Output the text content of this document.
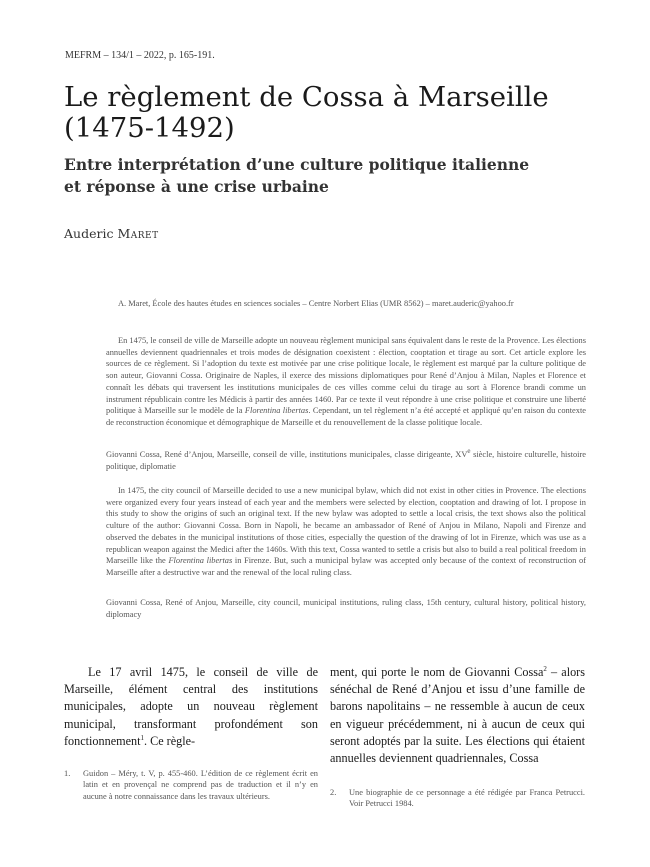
MEFRM – 134/1 – 2022, p. 165-191.
Le règlement de Cossa à Marseille
(1475-1492)
Entre interprétation d’une culture politique italienne
et réponse à une crise urbaine
Auderic Maret

A. Maret, École des hautes études en sciences sociales – Centre Norbert Elias (UMR 8562) – maret.auderic@yahoo.fr

En 1475, le conseil de ville de Marseille adopte un nouveau règlement municipal sans équivalent dans le reste de la Provence. Les élections annuelles deviennent quadriennales et trois modes de désignation coexistent : élection, cooptation et tirage au sort. Cet article explore les sources de ce règlement. Si l’adoption du texte est motivée par une crise politique locale, le règlement est marqué par la culture politique de son auteur, Giovanni Cossa. Originaire de Naples, il exerce des missions diplomatiques pour René d’Anjou à Milan, Naples et Florence et connaît les débats qui traversent les institutions municipales de ces villes comme celui du tirage au sort à Florence brandi comme un instrument républicain contre les Médicis à partir des années 1460. Par ce texte il veut répondre à une crise politique et construire une liberté politique à Marseille sur le modèle de la Florentina libertas. Cependant, un tel règlement n’a été accepté et appliqué qu’en raison du contexte de reconstruction économique et démographique de Marseille et du renouvellement de la classe politique locale.

Giovanni Cossa, René d’Anjou, Marseille, conseil de ville, institutions municipales, classe dirigeante, XVe siècle, histoire culturelle, histoire politique, diplomatie

In 1475, the city council of Marseille decided to use a new municipal bylaw, which did not exist in other cities in Provence. The elections were organized every four years instead of each year and the members were selected by election, cooptation and drawing of lot. I propose in this study to show the origins of such an original text. If the new bylaw was adopted to settle a local crisis, the text shows also the political culture of the author: Giovanni Cossa. Born in Napoli, he became an ambassador of René of Anjou in Milano, Napoli and Firenze and observed the debates in the municipal institutions of those cities, especially the question of the drawing of lot in Firenze, which was use as a republican weapon against the Medici after the 1460s. With this text, Cossa wanted to settle a crisis but also to build a real political freedom in Marseille like the Florentina libertas in Firenze. But, such a municipal bylaw was accepted only because of the context of reconstruction of Marseille after a destructive war and the renewal of the local ruling class.

Giovanni Cossa, René of Anjou, Marseille, city council, municipal institutions, ruling class, 15th century, cultural history, political history, diplomacy

Le 17 avril 1475, le conseil de ville de Marseille, élément central des institutions municipales, adopte un nouveau règlement municipal, transformant profondément son fonctionnement$^1$. Ce règle-

ment, qui porte le nom de Giovanni Cossa$^2$ – alors sénéchal de René d’Anjou et issu d’une famille de barons napolitains – ne ressemble à aucun de ceux en vigueur précédemment, ni à aucun de ceux qui seront adoptés par la suite. Les élections qui étaient annuelles deviennent quadriennales, Cossa

1. Guidon – Méry, t. V, p. 455-460. L’édition de ce règlement écrit en latin et en provençal ne comprend pas de traduction et il n’y en aucune à notre connaissance dans les travaux ultérieurs.	2. Une biographie de ce personnage a été rédigée par Franca Petrucci. Voir Petrucci 1984.
